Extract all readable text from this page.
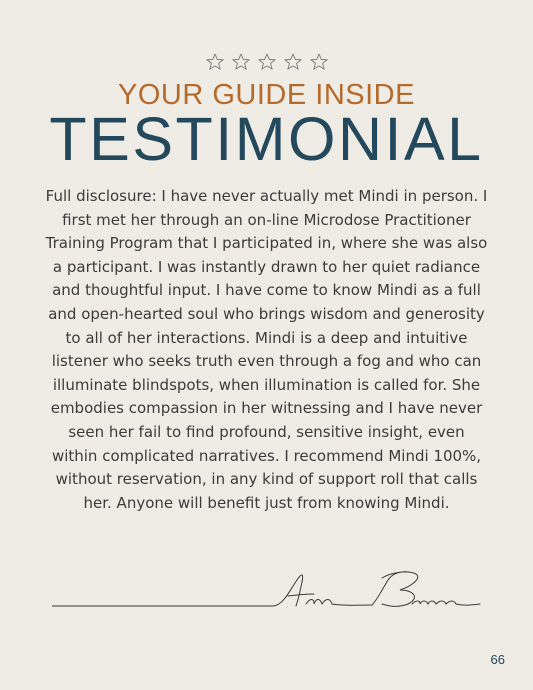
YOUR GUIDE INSIDE
TESTIMONIAL

Full disclosure: I have never actually met Mindi in person. I first met her through an on-line Microdose Practitioner Training Program that I participated in, where she was also a participant. I was instantly drawn to her quiet radiance and thoughtful input. I have come to know Mindi as a full and open-hearted soul who brings wisdom and generosity to all of her interactions. Mindi is a deep and intuitive listener who seeks truth even through a fog and who can illuminate blindspots, when illumination is called for. She embodies compassion in her witnessing and I have never seen her fail to find profound, sensitive insight, even within complicated narratives. I recommend Mindi 100%, without reservation, in any kind of support roll that calls her. Anyone will benefit just from knowing Mindi.

66
